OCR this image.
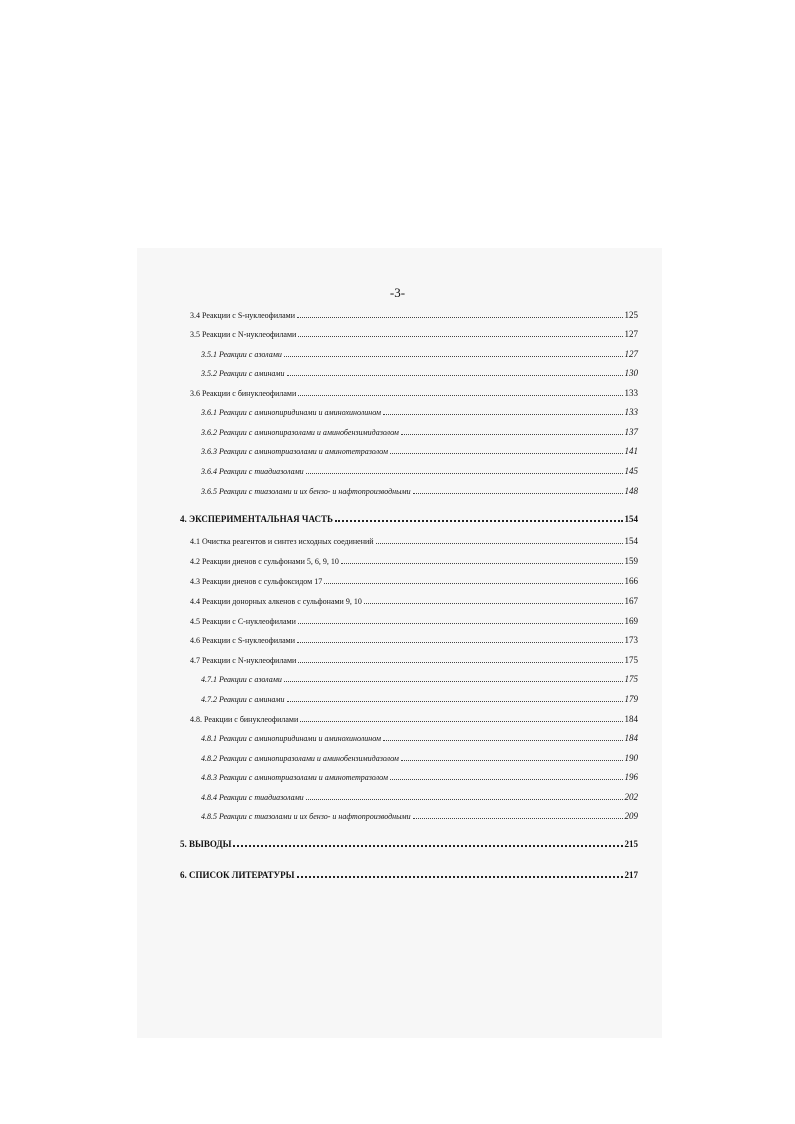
-3-
3.4 Реакции с S-нуклеофилами	125
3.5 Реакции с N-нуклеофилами	127
3.5.1 Реакции с азолами	127
3.5.2 Реакции с аминами	130
3.6 Реакции с бинуклеофилами	133
3.6.1 Реакции с аминопиридинами и аминохинолином	133
3.6.2 Реакции с аминопиразолами и аминобензимидазолом	137
3.6.3 Реакции с аминотриазолами и аминотетразолом	141
3.6.4 Реакции с тиадиазолами	145
3.6.5 Реакции с тиазолами и их бензо- и нафтопроизводными	148
4. ЭКСПЕРИМЕНТАЛЬНАЯ ЧАСТЬ	154
4.1 Очистка реагентов и синтез исходных соединений	154
4.2 Реакции диенов с сульфонами 5, 6, 9, 10	159
4.3 Реакции диенов с сульфоксидом 17	166
4.4 Реакции донорных алкенов с сульфонами 9, 10	167
4.5 Реакции с С-нуклеофилами	169
4.6 Реакции с S-нуклеофилами	173
4.7 Реакции с N-нуклеофилами	175
4.7.1 Реакции с азолами	175
4.7.2 Реакции с аминами	179
4.8. Реакции с бинуклеофилами	184
4.8.1 Реакции с аминопиридинами и аминохинолином	184
4.8.2 Реакции с аминопиразолами и аминобензимидазолом	190
4.8.3 Реакции с аминотриазолами и аминотетразолом	196
4.8.4 Реакции с тиадиазолами	202
4.8.5 Реакции с тиазолами и их бензо- и нафтопроизводными	209
5. ВЫВОДЫ	215
6. СПИСОК ЛИТЕРАТУРЫ	217
